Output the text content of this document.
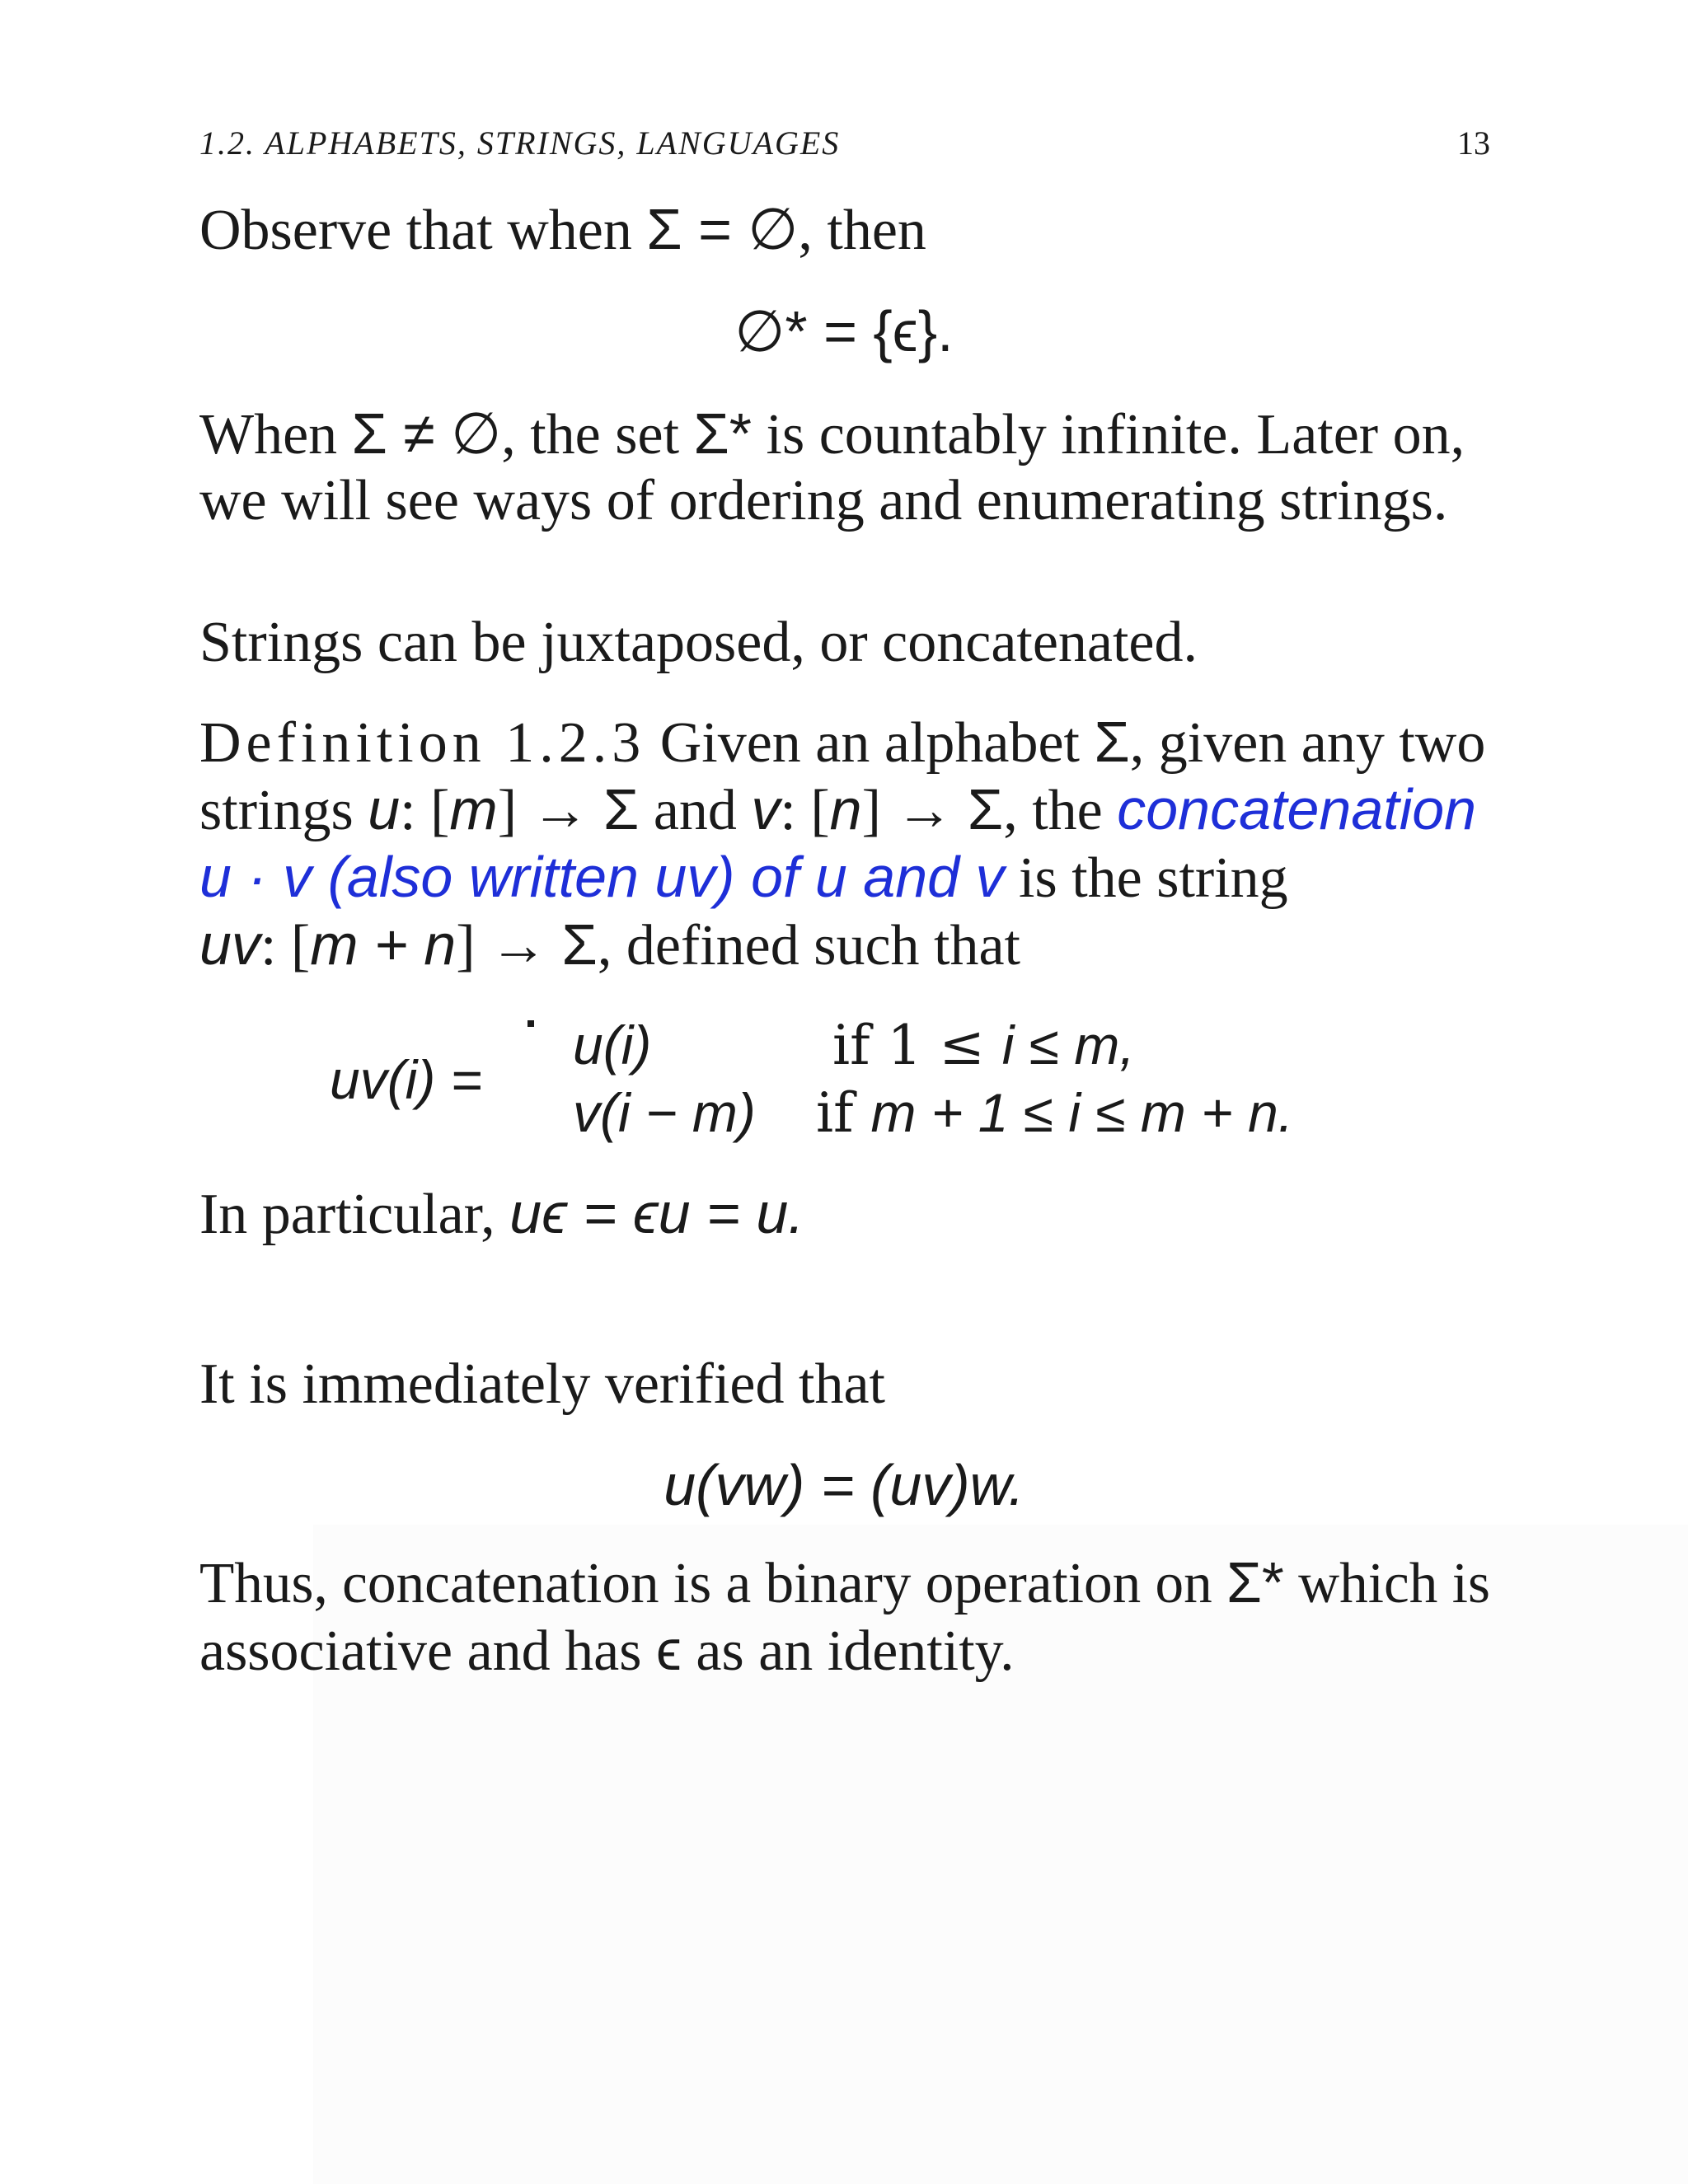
1.2. ALPHABETS, STRINGS, LANGUAGES	13
Observe that when Σ = ∅, then
∅* = {ϵ}.
When Σ ≠ ∅, the set Σ* is countably infinite. Later on,
we will see ways of ordering and enumerating strings.
Strings can be juxtaposed, or concatenated.
Definition 1.2.3 Given an alphabet Σ, given any two
strings u: [m] → Σ and v: [n] → Σ, the concatenation
u · v (also written uv) of u and v is the string
uv: [m + n] → Σ, defined such that
uv(i) =
u(i)	if 1 ≤ i ≤ m,
v(i − m) if m + 1 ≤ i ≤ m + n.
In particular, uϵ = ϵu = u.
It is immediately verified that
u(vw) = (uv)w.
Thus, concatenation is a binary operation on Σ* which is
associative and has ϵ as an identity.
